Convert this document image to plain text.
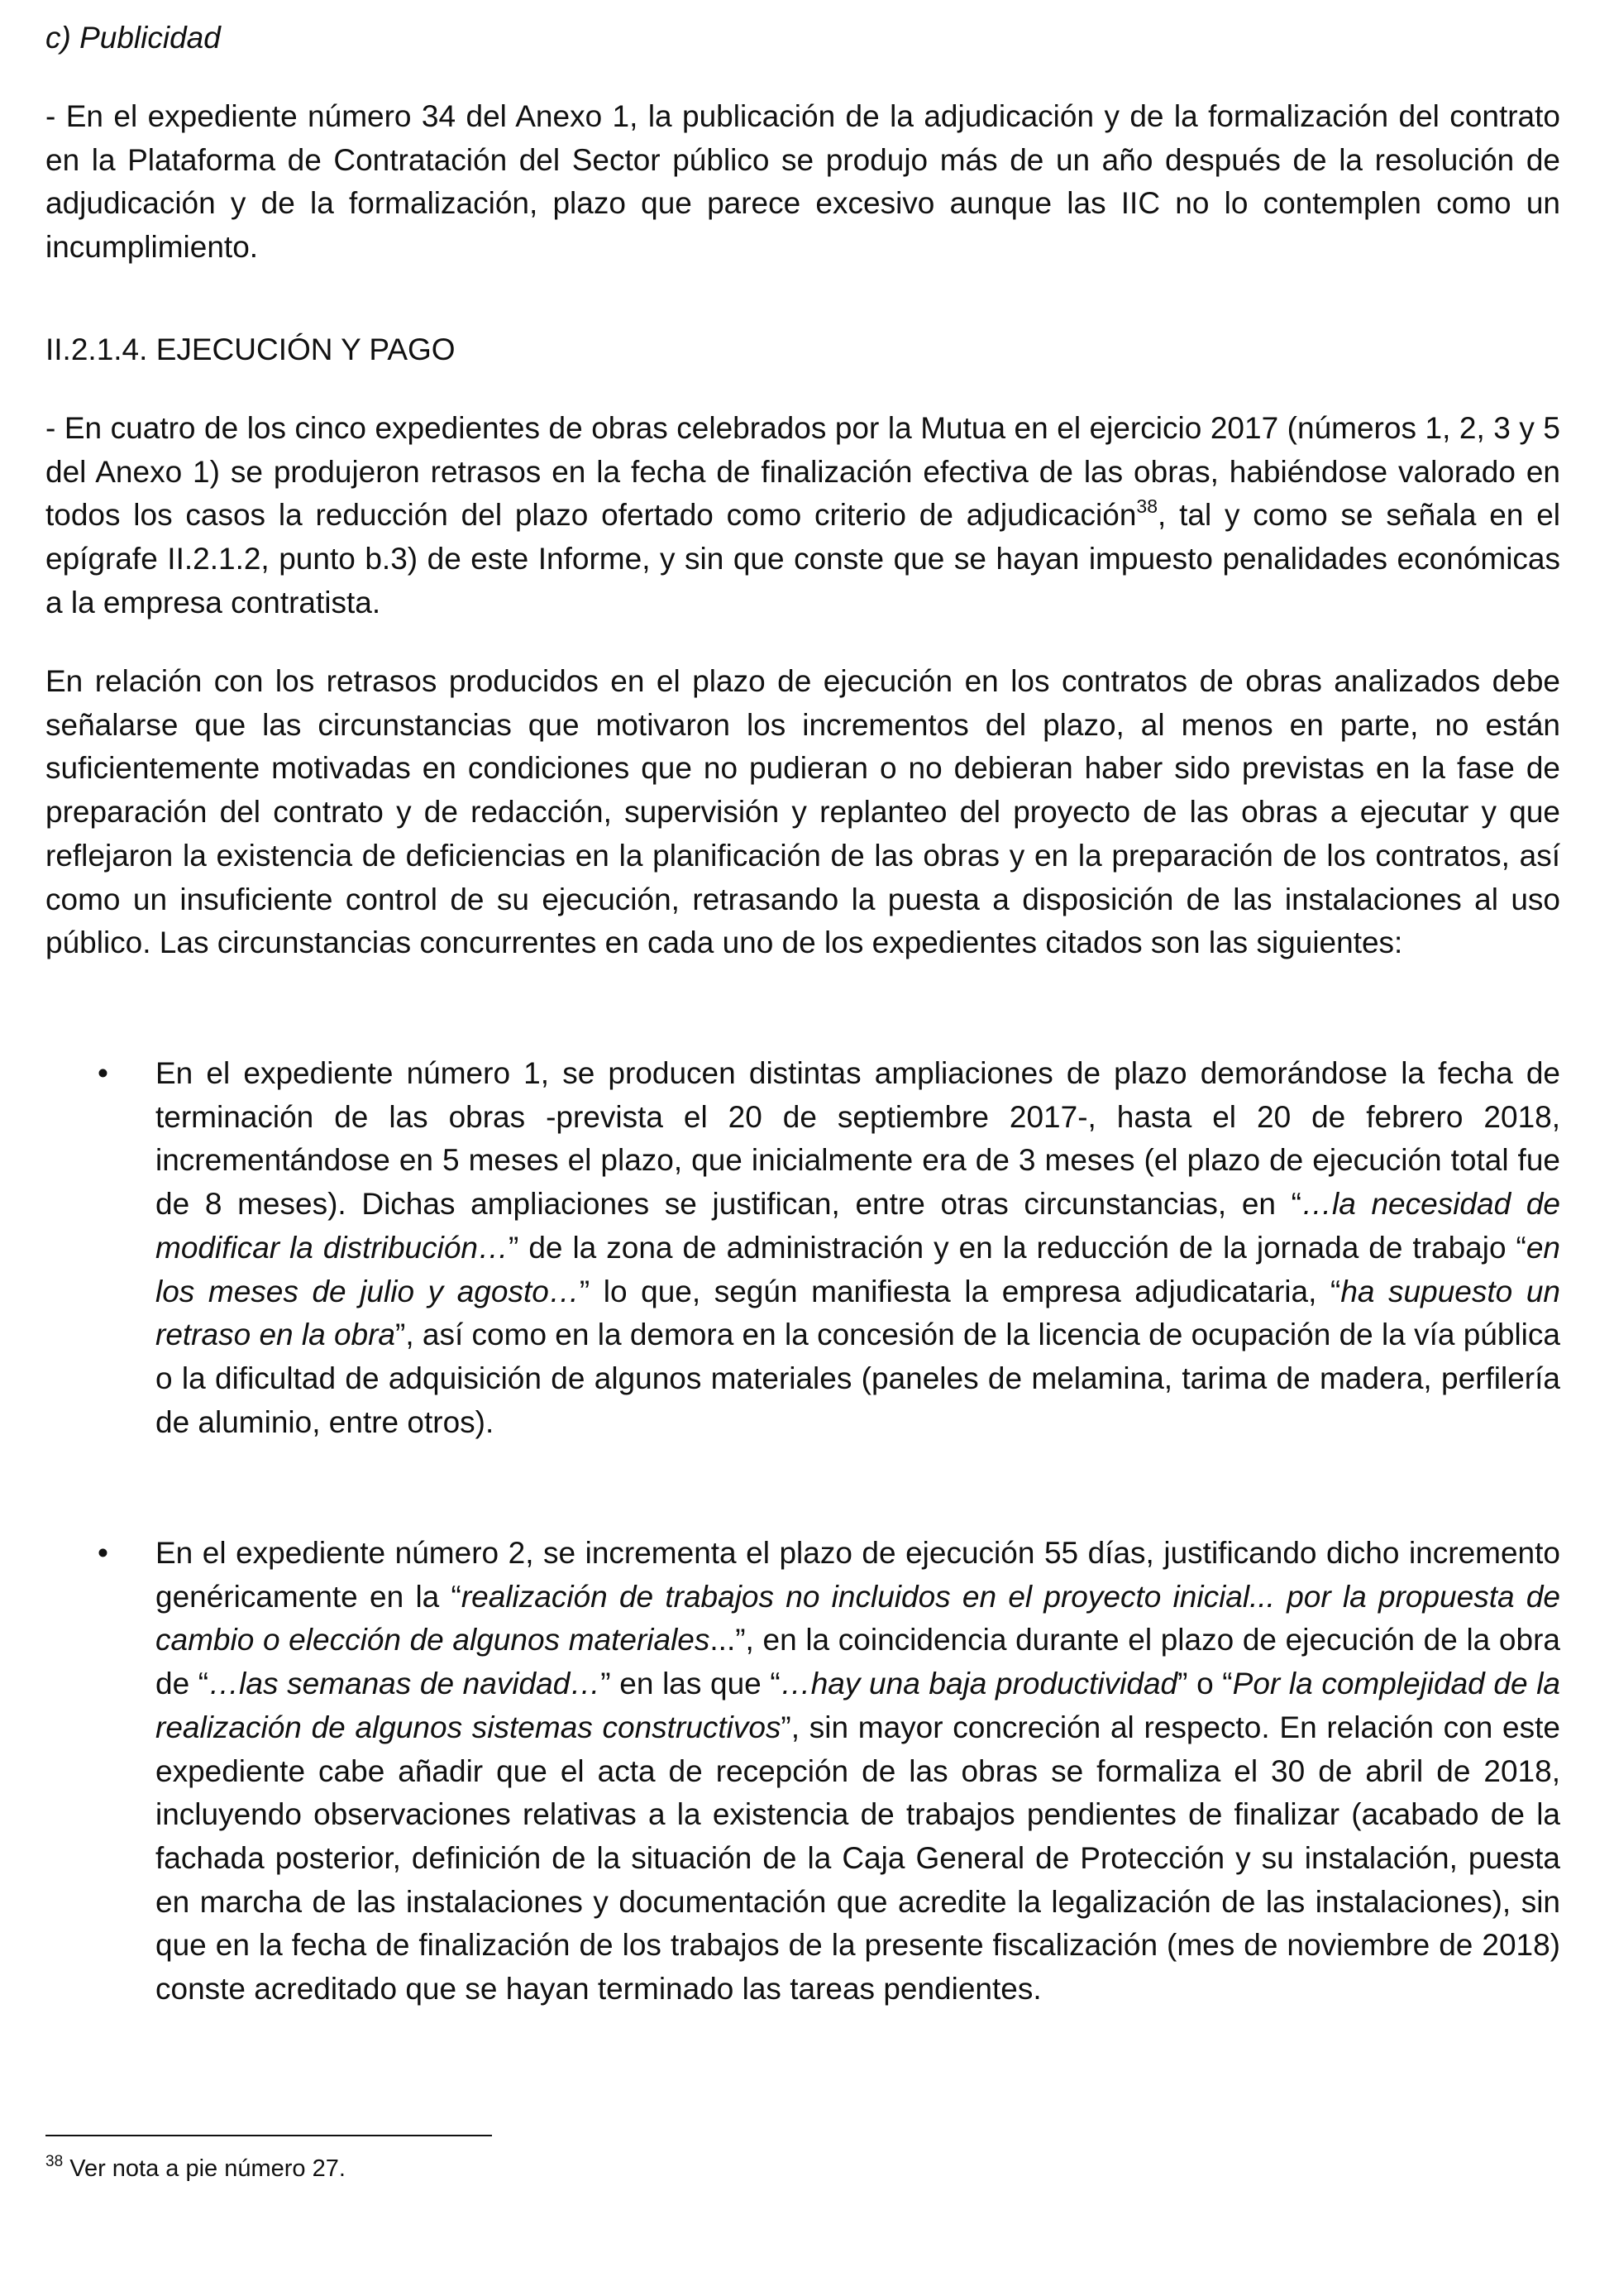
c) Publicidad
- En el expediente número 34 del Anexo 1, la publicación de la adjudicación y de la formalización del contrato en la Plataforma de Contratación del Sector público se produjo más de un año después de la resolución de adjudicación y de la formalización, plazo que parece excesivo aunque las IIC no lo contemplen como un incumplimiento.
II.2.1.4. EJECUCIÓN Y PAGO
- En cuatro de los cinco expedientes de obras celebrados por la Mutua en el ejercicio 2017 (números 1, 2, 3 y 5 del Anexo 1) se produjeron retrasos en la fecha de finalización efectiva de las obras, habiéndose valorado en todos los casos la reducción del plazo ofertado como criterio de adjudicación$^{38}$, tal y como se señala en el epígrafe II.2.1.2, punto b.3) de este Informe, y sin que conste que se hayan impuesto penalidades económicas a la empresa contratista.
En relación con los retrasos producidos en el plazo de ejecución en los contratos de obras analizados debe señalarse que las circunstancias que motivaron los incrementos del plazo, al menos en parte, no están suficientemente motivadas en condiciones que no pudieran o no debieran haber sido previstas en la fase de preparación del contrato y de redacción, supervisión y replanteo del proyecto de las obras a ejecutar y que reflejaron la existencia de deficiencias en la planificación de las obras y en la preparación de los contratos, así como un insuficiente control de su ejecución, retrasando la puesta a disposición de las instalaciones al uso público. Las circunstancias concurrentes en cada uno de los expedientes citados son las siguientes:
• En el expediente número 1, se producen distintas ampliaciones de plazo demorándose la fecha de terminación de las obras -prevista el 20 de septiembre 2017-, hasta el 20 de febrero 2018, incrementándose en 5 meses el plazo, que inicialmente era de 3 meses (el plazo de ejecución total fue de 8 meses). Dichas ampliaciones se justifican, entre otras circunstancias, en “…la necesidad de modificar la distribución…” de la zona de administración y en la reducción de la jornada de trabajo “en los meses de julio y agosto…” lo que, según manifiesta la empresa adjudicataria, “ha supuesto un retraso en la obra”, así como en la demora en la concesión de la licencia de ocupación de la vía pública o la dificultad de adquisición de algunos materiales (paneles de melamina, tarima de madera, perfilería de aluminio, entre otros).
• En el expediente número 2, se incrementa el plazo de ejecución 55 días, justificando dicho incremento genéricamente en la “realización de trabajos no incluidos en el proyecto inicial... por la propuesta de cambio o elección de algunos materiales...”, en la coincidencia durante el plazo de ejecución de la obra de “…las semanas de navidad…” en las que “…hay una baja productividad” o “Por la complejidad de la realización de algunos sistemas constructivos”, sin mayor concreción al respecto. En relación con este expediente cabe añadir que el acta de recepción de las obras se formaliza el 30 de abril de 2018, incluyendo observaciones relativas a la existencia de trabajos pendientes de finalizar (acabado de la fachada posterior, definición de la situación de la Caja General de Protección y su instalación, puesta en marcha de las instalaciones y documentación que acredite la legalización de las instalaciones), sin que en la fecha de finalización de los trabajos de la presente fiscalización (mes de noviembre de 2018) conste acreditado que se hayan terminado las tareas pendientes.
$^{38}$ Ver nota a pie número 27.
